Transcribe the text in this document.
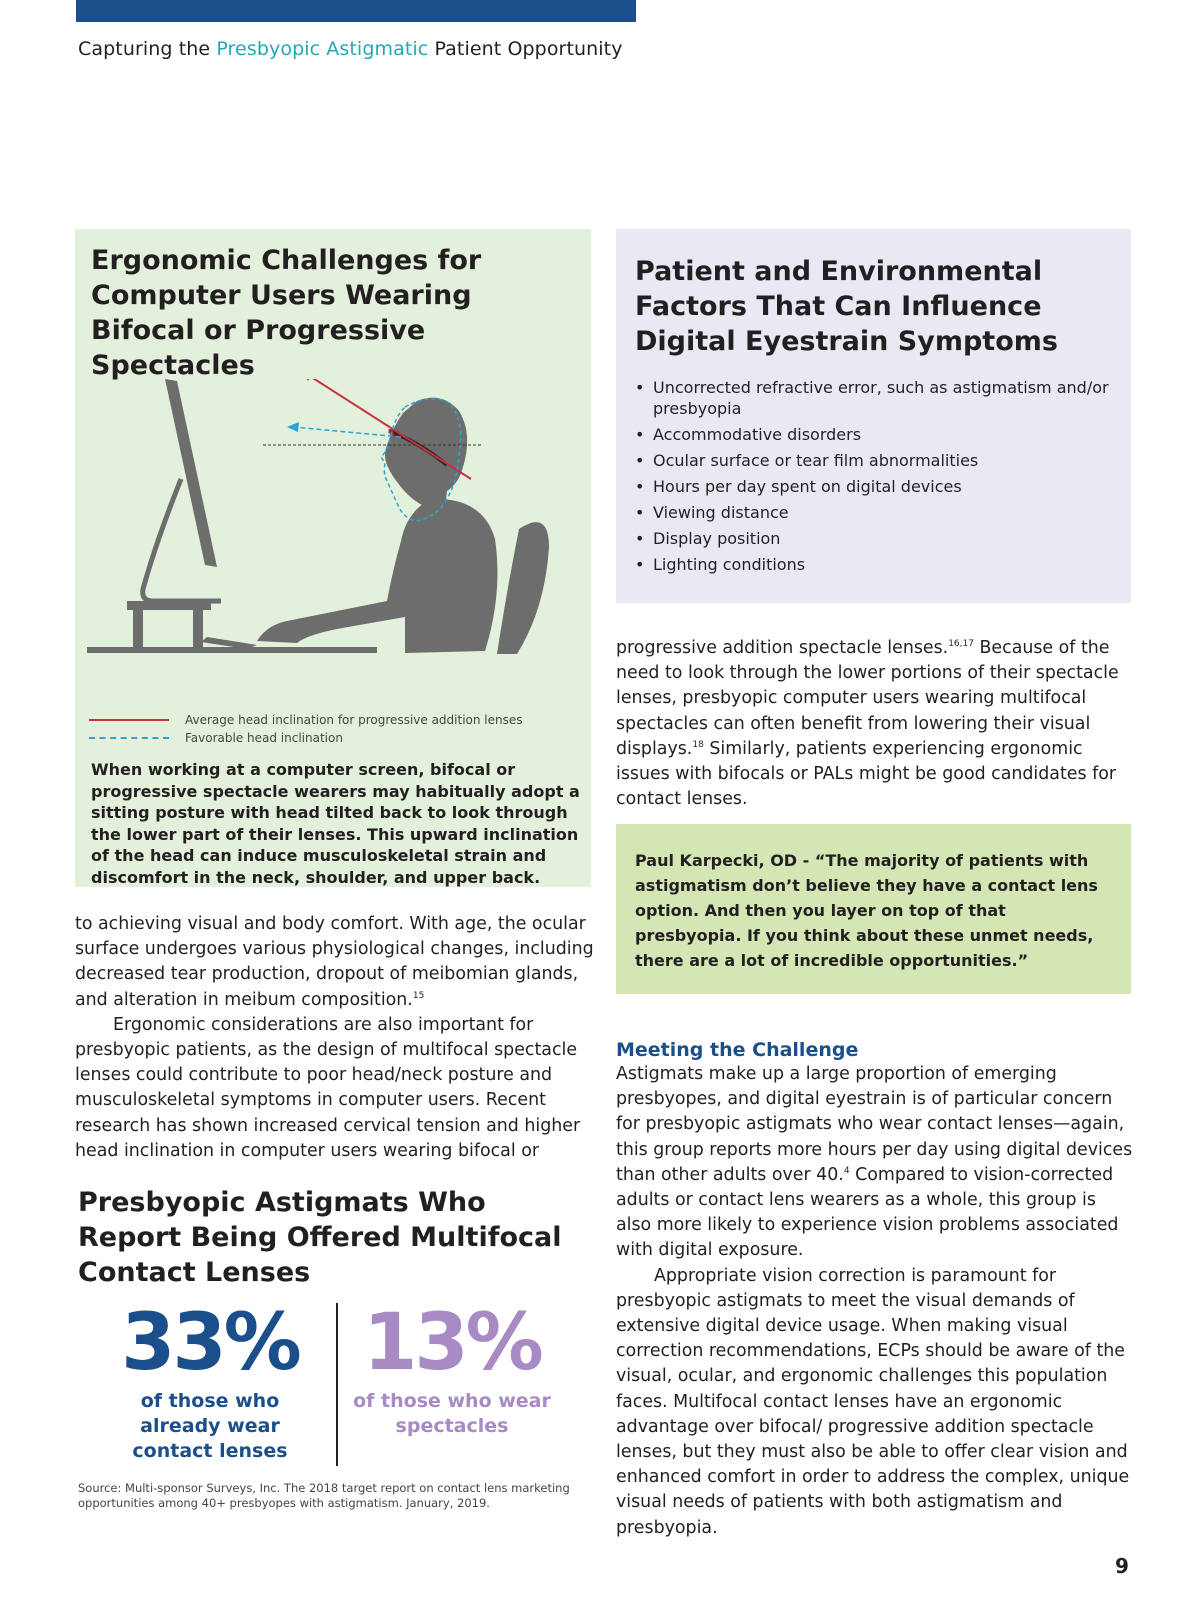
Capturing the Presbyopic Astigmatic Patient Opportunity
Ergonomic Challenges for Computer Users Wearing Bifocal or Progressive Spectacles
Average head inclination for progressive addition lenses
Favorable head inclination

When working at a computer screen, bifocal or progressive spectacle wearers may habitually adopt a sitting posture with head tilted back to look through the lower part of their lenses. This upward inclination of the head can induce musculoskeletal strain and discomfort in the neck, shoulder, and upper back.

to achieving visual and body comfort. With age, the ocular surface undergoes various physiological changes, including decreased tear production, dropout of meibomian glands, and alteration in meibum composition.$^{15}$

Ergonomic considerations are also important for presbyopic patients, as the design of multifocal spectacle lenses could contribute to poor head/neck posture and musculoskeletal symptoms in computer users. Recent research has shown increased cervical tension and higher head inclination in computer users wearing bifocal or

Presbyopic Astigmats Who Report Being Offered Multifocal Contact Lenses
33%
of those who already wear contact lenses
13%
of those who wear spectacles

Source: Multi-sponsor Surveys, Inc. The 2018 target report on contact lens marketing opportunities among 40+ presbyopes with astigmatism. January, 2019.

Patient and Environmental Factors That Can Influence Digital Eyestrain Symptoms
• Uncorrected refractive error, such as astigmatism and/or presbyopia
• Accommodative disorders
• Ocular surface or tear film abnormalities
• Hours per day spent on digital devices
• Viewing distance
• Display position
• Lighting conditions

progressive addition spectacle lenses.$^{16,17}$ Because of the need to look through the lower portions of their spectacle lenses, presbyopic computer users wearing multifocal spectacles can often benefit from lowering their visual displays.$^{18}$ Similarly, patients experiencing ergonomic issues with bifocals or PALs might be good candidates for contact lenses.

Paul Karpecki, OD - “The majority of patients with astigmatism don’t believe they have a contact lens option. And then you layer on top of that presbyopia. If you think about these unmet needs, there are a lot of incredible opportunities.”

Meeting the Challenge

Astigmats make up a large proportion of emerging presbyopes, and digital eyestrain is of particular concern for presbyopic astigmats who wear contact lenses—again, this group reports more hours per day using digital devices than other adults over 40.$^4$ Compared to vision-corrected adults or contact lens wearers as a whole, this group is also more likely to experience vision problems associated with digital exposure.

Appropriate vision correction is paramount for presbyopic astigmats to meet the visual demands of extensive digital device usage. When making visual correction recommendations, ECPs should be aware of the visual, ocular, and ergonomic challenges this population faces. Multifocal contact lenses have an ergonomic advantage over bifocal/ progressive addition spectacle lenses, but they must also be able to offer clear vision and enhanced comfort in order to address the complex, unique visual needs of patients with both astigmatism and presbyopia.

9
